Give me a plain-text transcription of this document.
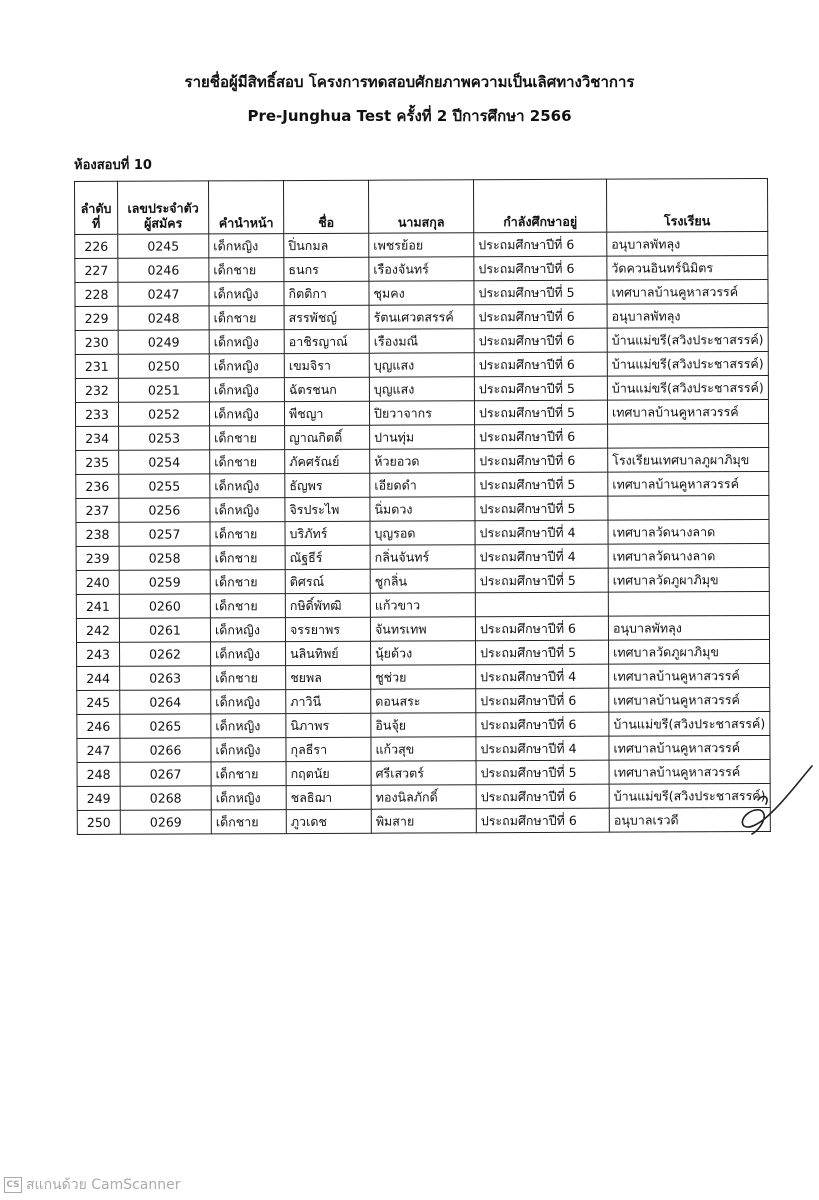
รายชื่อผู้มีสิทธิ์สอบ โครงการทดสอบศักยภาพความเป็นเลิศทางวิชาการ
Pre-Junghua Test ครั้งที่ 2 ปีการศึกษา 2566
ห้องสอบที่ 10
ลำดับ
ที่	เลขประจำตัว
ผู้สมัคร	คำนำหน้า	ชื่อ	นามสกุล	กำลังศึกษาอยู่	โรงเรียน
226	0245	เด็กหญิง	ปิ่นกมล	เพชรย้อย	ประถมศึกษาปีที่ 6	อนุบาลพัทลุง
227	0246	เด็กชาย	ธนกร	เรืองจันทร์	ประถมศึกษาปีที่ 6	วัดควนอินทร์นิมิตร
228	0247	เด็กหญิง	กิตติกา	ชุมคง	ประถมศึกษาปีที่ 5	เทศบาลบ้านคูหาสวรรค์
229	0248	เด็กชาย	สรรพัชญ์	รัตนเศวตสรรค์	ประถมศึกษาปีที่ 6	อนุบาลพัทลุง
230	0249	เด็กหญิง	อาชิรญาณ์	เรืองมณี	ประถมศึกษาปีที่ 6	บ้านแม่ขรี(สวิงประชาสรรค์)
231	0250	เด็กหญิง	เขมจิรา	บุญแสง	ประถมศึกษาปีที่ 6	บ้านแม่ขรี(สวิงประชาสรรค์)
232	0251	เด็กหญิง	ฉัตรชนก	บุญแสง	ประถมศึกษาปีที่ 5	บ้านแม่ขรี(สวิงประชาสรรค์)
233	0252	เด็กหญิง	พีชญา	ปิยวาจากร	ประถมศึกษาปีที่ 5	เทศบาลบ้านคูหาสวรรค์
234	0253	เด็กชาย	ญาณกิตติ์	ปานทุ่ม	ประถมศึกษาปีที่ 6	
235	0254	เด็กชาย	ภัคศรัณย์	ห้วยอวด	ประถมศึกษาปีที่ 6	โรงเรียนเทศบาลภูผาภิมุข
236	0255	เด็กหญิง	ธัญพร	เอียดดำ	ประถมศึกษาปีที่ 5	เทศบาลบ้านคูหาสวรรค์
237	0256	เด็กหญิง	จิรประไพ	นิ่มดวง	ประถมศึกษาปีที่ 5	
238	0257	เด็กชาย	บริภัทร์	บุญรอด	ประถมศึกษาปีที่ 4	เทศบาลวัดนางลาด
239	0258	เด็กชาย	ณัฐธีร์	กลิ่นจันทร์	ประถมศึกษาปีที่ 4	เทศบาลวัดนางลาด
240	0259	เด็กชาย	ติศรณ์	ชูกลิ่น	ประถมศึกษาปีที่ 5	เทศบาลวัดภูผาภิมุข
241	0260	เด็กชาย	กษิดิ์พัทฒิ	แก้วขาว		
242	0261	เด็กหญิง	จรรยาพร	จันทรเทพ	ประถมศึกษาปีที่ 6	อนุบาลพัทลุง
243	0262	เด็กหญิง	นลินทิพย์	นุ้ยด้วง	ประถมศึกษาปีที่ 5	เทศบาลวัดภูผาภิมุข
244	0263	เด็กชาย	ชยพล	ชูช่วย	ประถมศึกษาปีที่ 4	เทศบาลบ้านคูหาสวรรค์
245	0264	เด็กหญิง	ภาวินี	ดอนสระ	ประถมศึกษาปีที่ 6	เทศบาลบ้านคูหาสวรรค์
246	0265	เด็กหญิง	นิภาพร	อินจุ้ย	ประถมศึกษาปีที่ 6	บ้านแม่ขรี(สวิงประชาสรรค์)
247	0266	เด็กหญิง	กุลธีรา	แก้วสุข	ประถมศึกษาปีที่ 4	เทศบาลบ้านคูหาสวรรค์
248	0267	เด็กชาย	กฤตนัย	ศรีเสวตร์	ประถมศึกษาปีที่ 5	เทศบาลบ้านคูหาสวรรค์
249	0268	เด็กหญิง	ชลธิฌา	ทองนิลภักดิ์	ประถมศึกษาปีที่ 6	บ้านแม่ขรี(สวิงประชาสรรค์)
250	0269	เด็กชาย	ภูวเดช	พิมสาย	ประถมศึกษาปีที่ 6	อนุบาลเรวดี
CS สแกนด้วย CamScanner
